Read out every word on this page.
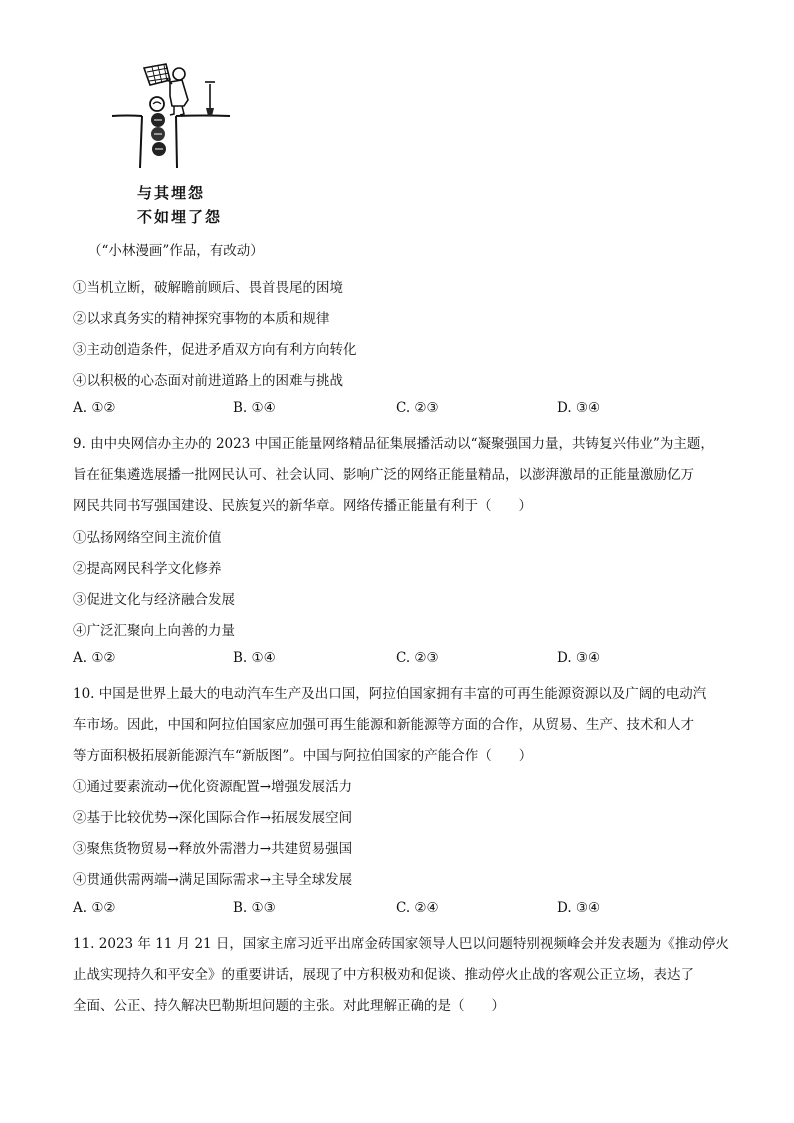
与其埋怨
不如埋了怨
（“小林漫画”作品，有改动）
①当机立断，破解瞻前顾后、畏首畏尾的困境
②以求真务实的精神探究事物的本质和规律
③主动创造条件，促进矛盾双方向有利方向转化
④以积极的心态面对前进道路上的困难与挑战
A. ①②	B. ①④	C. ②③	D. ③④
9. 由中央网信办主办的 2023 中国正能量网络精品征集展播活动以“凝聚强国力量，共铸复兴伟业”为主题，
旨在征集遴选展播一批网民认可、社会认同、影响广泛的网络正能量精品，以澎湃激昂的正能量激励亿万
网民共同书写强国建设、民族复兴的新华章。网络传播正能量有利于（　　）
①弘扬网络空间主流价值
②提高网民科学文化修养
③促进文化与经济融合发展
④广泛汇聚向上向善的力量
A. ①②	B. ①④	C. ②③	D. ③④
10. 中国是世界上最大的电动汽车生产及出口国，阿拉伯国家拥有丰富的可再生能源资源以及广阔的电动汽
车市场。因此，中国和阿拉伯国家应加强可再生能源和新能源等方面的合作，从贸易、生产、技术和人才
等方面积极拓展新能源汽车“新版图”。中国与阿拉伯国家的产能合作（　　）
①通过要素流动→优化资源配置→增强发展活力
②基于比较优势→深化国际合作→拓展发展空间
③聚焦货物贸易→释放外需潜力→共建贸易强国
④贯通供需两端→满足国际需求→主导全球发展
A. ①②	B. ①③	C. ②④	D. ③④
11. 2023 年 11 月 21 日，国家主席习近平出席金砖国家领导人巴以问题特别视频峰会并发表题为《推动停火
止战实现持久和平安全》的重要讲话，展现了中方积极劝和促谈、推动停火止战的客观公正立场，表达了
全面、公正、持久解决巴勒斯坦问题的主张。对此理解正确的是（　　）
